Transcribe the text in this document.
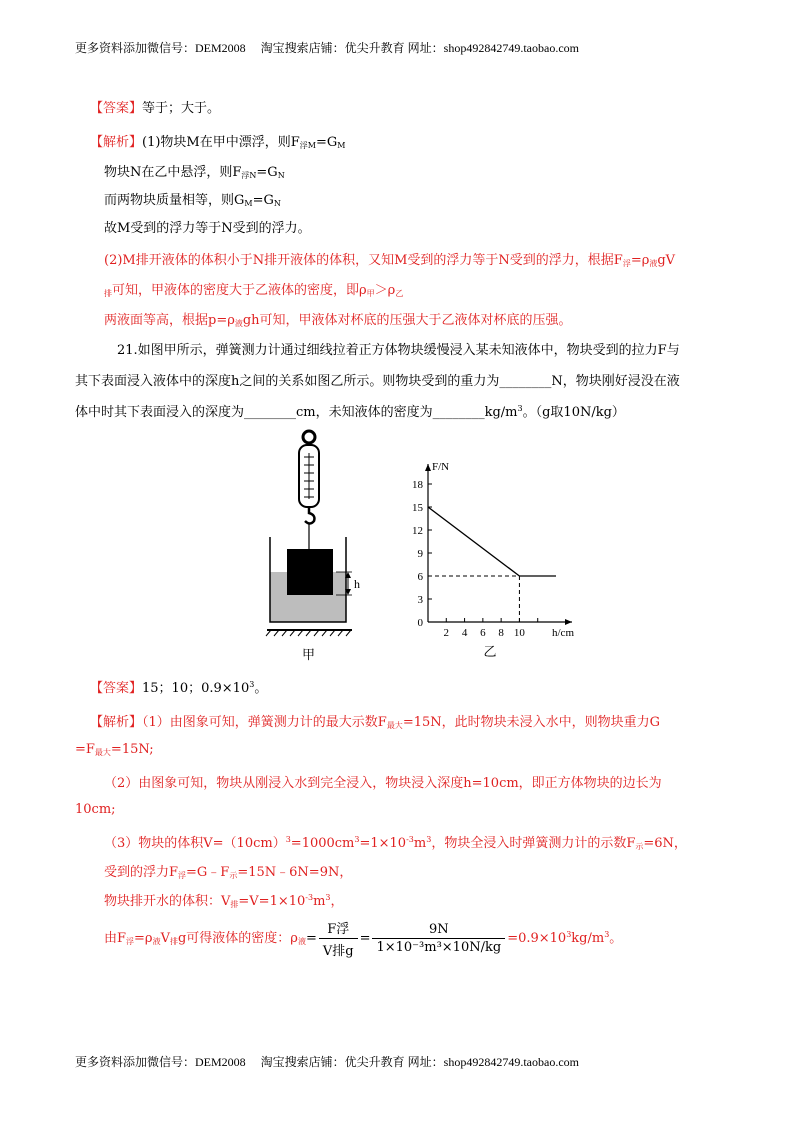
更多资料添加微信号：DEM2008　 淘宝搜索店铺：优尖升教育 网址：shop492842749.taobao.com
【答案】等于；大于。
【解析】(1)物块M在甲中漂浮，则$F_{浮M}=G_M$
物块N在乙中悬浮，则$F_{浮N}=G_N$
而两物块质量相等，则$G_M=G_N$
故M受到的浮力等于N受到的浮力。
(2)M排开液体的体积小于N排开液体的体积，又知M受到的浮力等于N受到的浮力，根据$F_浮=\rho_液gV$
$_排$可知，甲液体的密度大于乙液体的密度，即$\rho_甲>\rho_乙$
两液面等高，根据$p=\rho_液gh$可知，甲液体对杯底的压强大于乙液体对杯底的压强。
21.如图甲所示，弹簧测力计通过细线拉着正方体物块缓慢浸入某未知液体中，物块受到的拉力F与
其下表面浸入液体中的深度h之间的关系如图乙所示。则物块受到的重力为________N，物块刚好浸没在液
体中时其下表面浸入的深度为________cm，未知液体的密度为$\_\_\_\_\_\_\_\_kg/m^3$。（g取10N/kg）
h
甲
F/N
h/cm
0
3
6
9
12
15
18
2 4 6 8 10
乙
【答案】15；10；$0.9\times 10^3$。
【解析】（1）由图象可知，弹簧测力计的最大示数$F_{最大}=15N$，此时物块未浸入水中，则物块重力G
$=F_{最大}=15N$;
（2）由图象可知，物块从刚浸入水到完全浸入，物块浸入深度h=10cm，即正方体物块的边长为
10cm;
（3）物块的体积$V=(10cm)^3=1000cm^3=1\times 10^{-3}m^3$，物块全浸入时弹簧测力计的示数$F_示=6N$，
受到的浮力$F_浮=G﹣F_示=15N﹣6N=9N$，
物块排开水的体积：$V_排=V=1\times 10^{-3}m^3$，
由$F_浮=\rho_液V_排g$可得液体的密度：$\rho_液= \frac{\text{F浮}}{\text{V排g}} = \frac{9N}{\text{1×10⁻³m³×10N/kg}} =0.9\times 10^3kg/m^3$。
更多资料添加微信号：DEM2008　 淘宝搜索店铺：优尖升教育 网址：shop492842749.taobao.com
